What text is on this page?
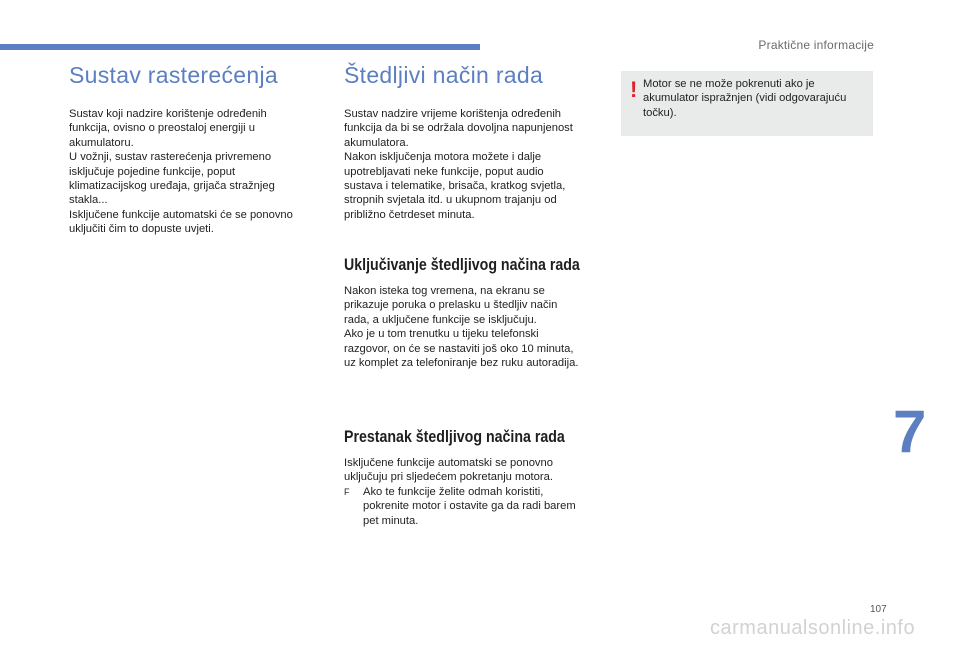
Praktične informacije
Sustav rasterećenja

Sustav koji nadzire korištenje određenih
funkcija, ovisno o preostaloj energiji u
akumulatoru.
U vožnji, sustav rasterećenja privremeno
isključuje pojedine funkcije, poput
klimatizacijskog uređaja, grijača stražnjeg
stakla...
Isključene funkcije automatski će se ponovno
uključiti čim to dopuste uvjeti.

Štedljivi način rada

Sustav nadzire vrijeme korištenja određenih
funkcija da bi se održala dovoljna napunjenost
akumulatora.
Nakon isključenja motora možete i dalje
upotrebljavati neke funkcije, poput audio
sustava i telematike, brisača, kratkog svjetla,
stropnih svjetala itd. u ukupnom trajanju od
približno četrdeset minuta.

Uključivanje štedljivog načina rada

Nakon isteka tog vremena, na ekranu se
prikazuje poruka o prelasku u štedljiv način
rada, a uključene funkcije se isključuju.
Ako je u tom trenutku u tijeku telefonski
razgovor, on će se nastaviti još oko 10 minuta,
uz komplet za telefoniranje bez ruku autoradija.

Prestanak štedljivog načina rada

Isključene funkcije automatski se ponovno
uključuju pri sljedećem pokretanju motora.

F	Ako te funkcije želite odmah koristiti,
pokrenite motor i ostavite ga da radi barem
pet minuta.

! Motor se ne može pokrenuti ako je
akumulator ispražnjen (vidi odgovarajuću
točku).

7
107
carmanualsonline.info
